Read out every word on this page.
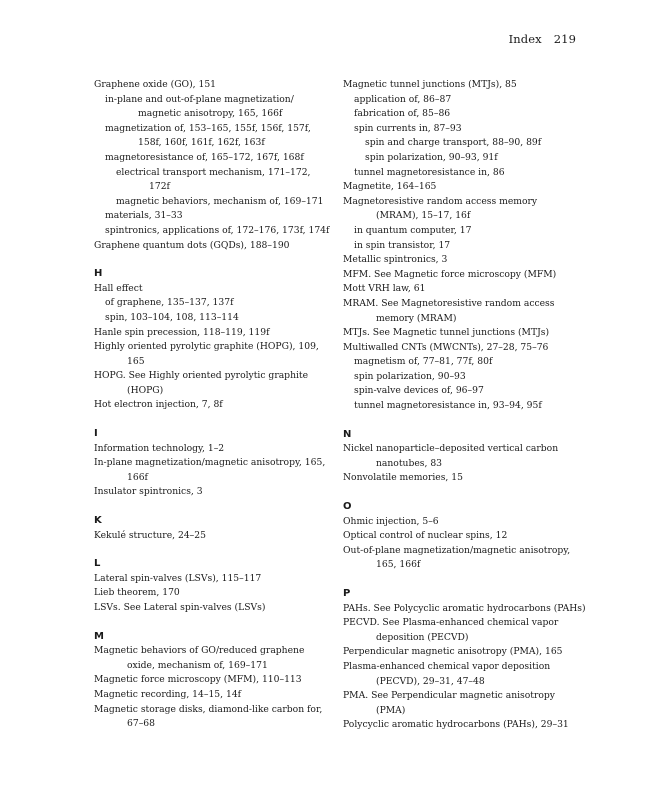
Index 219
Graphene oxide (GO), 151
in-plane and out-of-plane magnetization/
magnetic anisotropy, 165, 166f
magnetization of, 153–165, 155f, 156f, 157f,
158f, 160f, 161f, 162f, 163f
magnetoresistance of, 165–172, 167f, 168f
electrical transport mechanism, 171–172,
172f
magnetic behaviors, mechanism of, 169–171
materials, 31–33
spintronics, applications of, 172–176, 173f, 174f
Graphene quantum dots (GQDs), 188–190
H
Hall effect
of graphene, 135–137, 137f
spin, 103–104, 108, 113–114
Hanle spin precession, 118–119, 119f
Highly oriented pyrolytic graphite (HOPG), 109,
165
HOPG. See Highly oriented pyrolytic graphite
(HOPG)
Hot electron injection, 7, 8f
I
Information technology, 1–2
In-plane magnetization/magnetic anisotropy, 165,
166f
Insulator spintronics, 3
K
Kekulé structure, 24–25
L
Lateral spin-valves (LSVs), 115–117
Lieb theorem, 170
LSVs. See Lateral spin-valves (LSVs)
M
Magnetic behaviors of GO/reduced graphene
oxide, mechanism of, 169–171
Magnetic force microscopy (MFM), 110–113
Magnetic recording, 14–15, 14f
Magnetic storage disks, diamond-like carbon for,
67–68
Magnetic tunnel junctions (MTJs), 85
application of, 86–87
fabrication of, 85–86
spin currents in, 87–93
spin and charge transport, 88–90, 89f
spin polarization, 90–93, 91f
tunnel magnetoresistance in, 86
Magnetite, 164–165
Magnetoresistive random access memory
(MRAM), 15–17, 16f
in quantum computer, 17
in spin transistor, 17
Metallic spintronics, 3
MFM. See Magnetic force microscopy (MFM)
Mott VRH law, 61
MRAM. See Magnetoresistive random access
memory (MRAM)
MTJs. See Magnetic tunnel junctions (MTJs)
Multiwalled CNTs (MWCNTs), 27–28, 75–76
magnetism of, 77–81, 77f, 80f
spin polarization, 90–93
spin-valve devices of, 96–97
tunnel magnetoresistance in, 93–94, 95f
N
Nickel nanoparticle–deposited vertical carbon
nanotubes, 83
Nonvolatile memories, 15
O
Ohmic injection, 5–6
Optical control of nuclear spins, 12
Out-of-plane magnetization/magnetic anisotropy,
165, 166f
P
PAHs. See Polycyclic aromatic hydrocarbons (PAHs)
PECVD. See Plasma-enhanced chemical vapor
deposition (PECVD)
Perpendicular magnetic anisotropy (PMA), 165
Plasma-enhanced chemical vapor deposition
(PECVD), 29–31, 47–48
PMA. See Perpendicular magnetic anisotropy
(PMA)
Polycyclic aromatic hydrocarbons (PAHs), 29–31
